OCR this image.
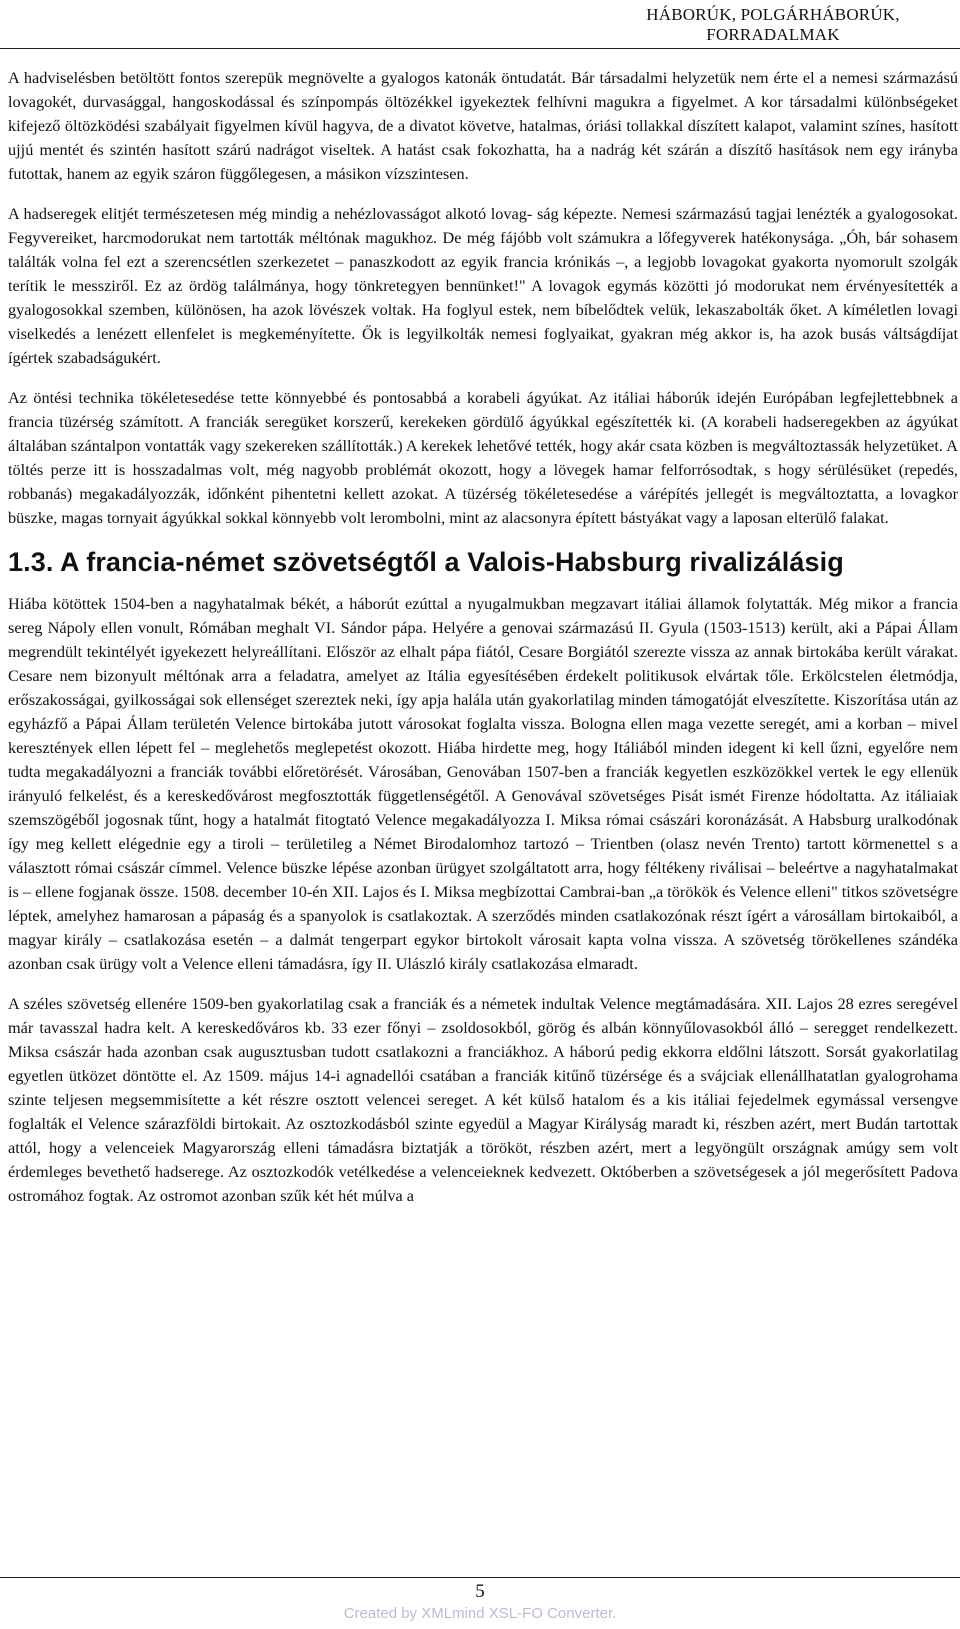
HÁBORÚK, POLGÁRHÁBORÚK,
FORRADALMAK

A hadviselésben betöltött fontos szerepük megnövelte a gyalogos katonák öntudatát. Bár társadalmi helyzetük nem érte el a nemesi származású lovagokét, durvasággal, hangoskodással és színpompás öltözékkel igyekeztek felhívni magukra a figyelmet. A kor társadalmi különbségeket kifejező öltözködési szabályait figyelmen kívül hagyva, de a divatot követve, hatalmas, óriási tollakkal díszített kalapot, valamint színes, hasított ujjú mentét és szintén hasított szárú nadrágot viseltek. A hatást csak fokozhatta, ha a nadrág két szárán a díszítő hasítások nem egy irányba futottak, hanem az egyik száron függőlegesen, a másikon vízszintesen.

A hadseregek elitjét természetesen még mindig a nehézlovasságot alkotó lovag- ság képezte. Nemesi származású tagjai lenézték a gyalogosokat. Fegyvereiket, harcmodorukat nem tartották méltónak magukhoz. De még fájóbb volt számukra a lőfegyverek hatékonysága. „Óh, bár sohasem találták volna fel ezt a szerencsétlen szerkezetet – panaszkodott az egyik francia krónikás –, a legjobb lovagokat gyakorta nyomorult szolgák terítik le messziről. Ez az ördög találmánya, hogy tönkretegyen bennünket!" A lovagok egymás közötti jó modorukat nem érvényesítették a gyalogosokkal szemben, különösen, ha azok lövészek voltak. Ha foglyul estek, nem bíbelődtek velük, lekaszabolták őket. A kíméletlen lovagi viselkedés a lenézett ellenfelet is megkeményítette. Ők is legyilkolták nemesi foglyaikat, gyakran még akkor is, ha azok busás váltságdíjat ígértek szabadságukért.

Az öntési technika tökéletesedése tette könnyebbé és pontosabbá a korabeli ágyúkat. Az itáliai háborúk idején Európában legfejlettebbnek a francia tüzérség számított. A franciák seregüket korszerű, kerekeken gördülő ágyúkkal egészítették ki. (A korabeli hadseregekben az ágyúkat általában szántalpon vontatták vagy szekereken szállították.) A kerekek lehetővé tették, hogy akár csata közben is megváltoztassák helyzetüket. A töltés perze itt is hosszadalmas volt, még nagyobb problémát okozott, hogy a lövegek hamar felforrósodtak, s hogy sérülésüket (repedés, robbanás) megakadályozzák, időnként pihentetni kellett azokat. A tüzérség tökéletesedése a várépítés jellegét is megváltoztatta, a lovagkor büszke, magas tornyait ágyúkkal sokkal könnyebb volt lerombolni, mint az alacsonyra épített bástyákat vagy a laposan elterülő falakat.

1.3. A francia-német szövetségtől a Valois-Habsburg rivalizálásig

Hiába kötöttek 1504-ben a nagyhatalmak békét, a háborút ezúttal a nyugalmukban megzavart itáliai államok folytatták. Még mikor a francia sereg Nápoly ellen vonult, Rómában meghalt VI. Sándor pápa. Helyére a genovai származású II. Gyula (1503-1513) került, aki a Pápai Állam megrendült tekintélyét igyekezett helyreállítani. Először az elhalt pápa fiától, Cesare Borgiától szerezte vissza az annak birtokába került várakat. Cesare nem bizonyult méltónak arra a feladatra, amelyet az Itália egyesítésében érdekelt politikusok elvártak tőle. Erkölcstelen életmódja, erőszakosságai, gyilkosságai sok ellenséget szereztek neki, így apja halála után gyakorlatilag minden támogatóját elveszítette. Kiszorítása után az egyházfő a Pápai Állam területén Velence birtokába jutott városokat foglalta vissza. Bologna ellen maga vezette seregét, ami a korban – mivel keresztények ellen lépett fel – meglehetős meglepetést okozott. Hiába hirdette meg, hogy Itáliából minden idegent ki kell űzni, egyelőre nem tudta megakadályozni a franciák további előretörését. Városában, Genovában 1507-ben a franciák kegyetlen eszközökkel vertek le egy ellenük irányuló felkelést, és a kereskedővárost megfosztották függetlenségétől. A Genovával szövetséges Pisát ismét Firenze hódoltatta. Az itáliaiak szemszögéből jogosnak tűnt, hogy a hatalmát fitogtató Velence megakadályozza I. Miksa római császári koronázását. A Habsburg uralkodónak így meg kellett elégednie egy a tiroli – területileg a Német Birodalomhoz tartozó – Trientben (olasz nevén Trento) tartott körmenettel s a választott római császár címmel. Velence büszke lépése azonban ürügyet szolgáltatott arra, hogy féltékeny riválisai – beleértve a nagyhatalmakat is – ellene fogjanak össze. 1508. december 10-én XII. Lajos és I. Miksa megbízottai Cambrai-ban „a törökök és Velence elleni" titkos szövetségre léptek, amelyhez hamarosan a pápaság és a spanyolok is csatlakoztak. A szerződés minden csatlakozónak részt ígért a városállam birtokaiból, a magyar király – csatlakozása esetén – a dalmát tengerpart egykor birtokolt városait kapta volna vissza. A szövetség törökellenes szándéka azonban csak ürügy volt a Velence elleni támadásra, így II. Ulászló király csatlakozása elmaradt.

A széles szövetség ellenére 1509-ben gyakorlatilag csak a franciák és a németek indultak Velence megtámadására. XII. Lajos 28 ezres seregével már tavasszal hadra kelt. A kereskedőváros kb. 33 ezer főnyi – zsoldosokból, görög és albán könnyűlovasokból álló – seregget rendelkezett. Miksa császár hada azonban csak augusztusban tudott csatlakozni a franciákhoz. A háború pedig ekkorra eldőlni látszott. Sorsát gyakorlatilag egyetlen ütközet döntötte el. Az 1509. május 14-i agnadellói csatában a franciák kitűnő tüzérsége és a svájciak ellenállhatatlan gyalogrohama szinte teljesen megsemmisítette a két részre osztott velencei sereget. A két külső hatalom és a kis itáliai fejedelmek egymással versengve foglalták el Velence szárazföldi birtokait. Az osztozkodásból szinte egyedül a Magyar Királyság maradt ki, részben azért, mert Budán tartottak attól, hogy a velenceiek Magyarország elleni támadásra biztatják a törököt, részben azért, mert a legyöngült országnak amúgy sem volt érdemleges bevethető hadserege. Az osztozkodók vetélkedése a velenceieknek kedvezett. Októberben a szövetségesek a jól megerősített Padova ostromához fogtak. Az ostromot azonban szűk két hét múlva a

5
Created by XMLmind XSL-FO Converter.
